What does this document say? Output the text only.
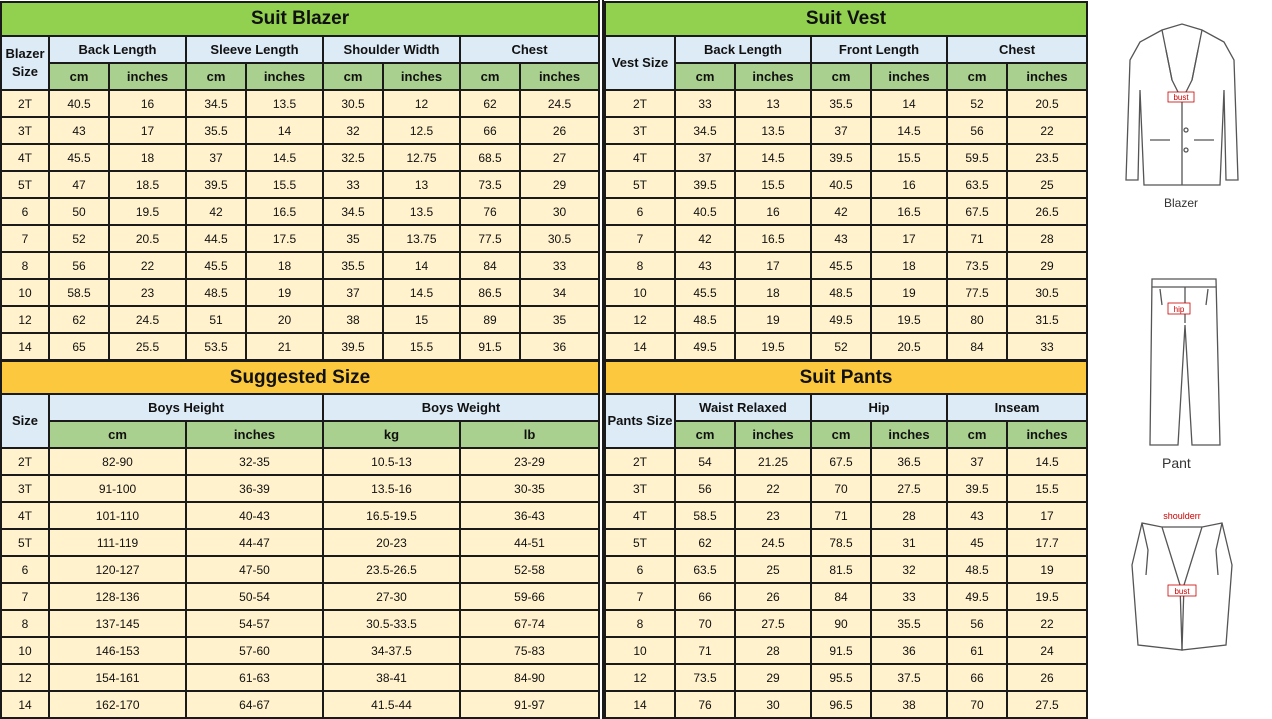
Suit Blazer								
Blazer Size	Back Length		Sleeve Length		Shoulder Width		Chest	
	cm	inches	cm	inches	cm	inches	cm	inches
2T	40.5	16	34.5	13.5	30.5	12	62	24.5
3T	43	17	35.5	14	32	12.5	66	26
4T	45.5	18	37	14.5	32.5	12.75	68.5	27
5T	47	18.5	39.5	15.5	33	13	73.5	29
6	50	19.5	42	16.5	34.5	13.5	76	30
7	52	20.5	44.5	17.5	35	13.75	77.5	30.5
8	56	22	45.5	18	35.5	14	84	33
10	58.5	23	48.5	19	37	14.5	86.5	34
12	62	24.5	51	20	38	15	89	35
14	65	25.5	53.5	21	39.5	15.5	91.5	36
Suit Vest						
Vest Size	Back Length		Front Length		Chest	
	cm	inches	cm	inches	cm	inches
2T	33	13	35.5	14	52	20.5
3T	34.5	13.5	37	14.5	56	22
4T	37	14.5	39.5	15.5	59.5	23.5
5T	39.5	15.5	40.5	16	63.5	25
6	40.5	16	42	16.5	67.5	26.5
7	42	16.5	43	17	71	28
8	43	17	45.5	18	73.5	29
10	45.5	18	48.5	19	77.5	30.5
12	48.5	19	49.5	19.5	80	31.5
14	49.5	19.5	52	20.5	84	33
Suggested Size				
Size	Boys Height		Boys Weight	
	cm	inches	kg	lb
2T	82-90	32-35	10.5-13	23-29
3T	91-100	36-39	13.5-16	30-35
4T	101-110	40-43	16.5-19.5	36-43
5T	111-119	44-47	20-23	44-51
6	120-127	47-50	23.5-26.5	52-58
7	128-136	50-54	27-30	59-66
8	137-145	54-57	30.5-33.5	67-74
10	146-153	57-60	34-37.5	75-83
12	154-161	61-63	38-41	84-90
14	162-170	64-67	41.5-44	91-97
Suit Pants						
Pants Size	Waist Relaxed		Hip		Inseam	
	cm	inches	cm	inches	cm	inches
2T	54	21.25	67.5	36.5	37	14.5
3T	56	22	70	27.5	39.5	15.5
4T	58.5	23	71	28	43	17
5T	62	24.5	78.5	31	45	17.7
6	63.5	25	81.5	32	48.5	19
7	66	26	84	33	49.5	19.5
8	70	27.5	90	35.5	56	22
10	71	28	91.5	36	61	24
12	73.5	29	95.5	37.5	66	26
14	76	30	96.5	38	70	27.5
bust
Blazer
hip
Pant
shoulderr
bust
